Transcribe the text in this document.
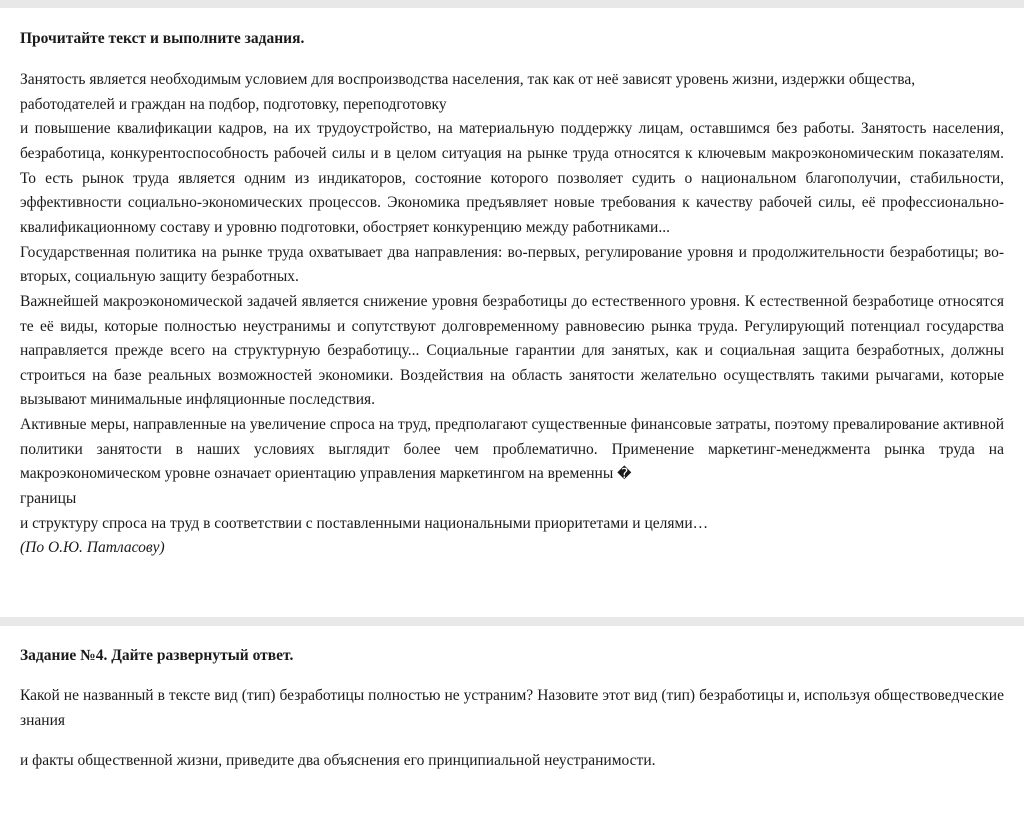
Прочитайте текст и выполните задания.

Занятость является необходимым условием для воспроизводства населения, так как от неё зависят уровень жизни, издержки общества, работодателей и граждан на подбор, подготовку, переподготовку

и повышение квалификации кадров, на их трудоустройство, на материальную поддержку лицам, оставшимся без работы. Занятость населения, безработица, конкурентоспособность рабочей силы и в целом ситуация на рынке труда относятся к ключевым макроэкономическим показателям. То есть рынок труда является одним из индикаторов, состояние которого позволяет судить о национальном благополучии, стабильности, эффективности социально-экономических процессов. Экономика предъявляет новые требования к качеству рабочей силы, её профессионально-квалификационному составу и уровню подготовки, обостряет конкуренцию между работниками...

Государственная политика на рынке труда охватывает два направления: во-первых, регулирование уровня и продолжительности безработицы; во-вторых, социальную защиту безработных.

Важнейшей макроэкономической задачей является снижение уровня безработицы до естественного уровня. К естественной безработице относятся те её виды, которые полностью неустранимы и сопутствуют долговременному равновесию рынка труда. Регулирующий потенциал государства направляется прежде всего на структурную безработицу... Социальные гарантии для занятых, как и социальная защита безработных, должны строиться на базе реальных возможностей экономики. Воздействия на область занятости желательно осуществлять такими рычагами, которые вызывают минимальные инфляционные последствия.

Активные меры, направленные на увеличение спроса на труд, предполагают существенные финансовые затраты, поэтому превалирование активной политики занятости в наших условиях выглядит более чем проблематично. Применение маркетинг-менеджмента рынка труда на макроэкономическом уровне означает ориентацию управления маркетингом на временны �

границы

и структуру спроса на труд в соответствии с поставленными национальными приоритетами и целями…

(По О.Ю. Патласову)

Задание №4. Дайте развернутый ответ.

Какой не названный в тексте вид (тип) безработицы полностью не устраним? Назовите этот вид (тип) безработицы и, используя обществоведческие знания

и факты общественной жизни, приведите два объяснения его принципиальной неустранимости.
